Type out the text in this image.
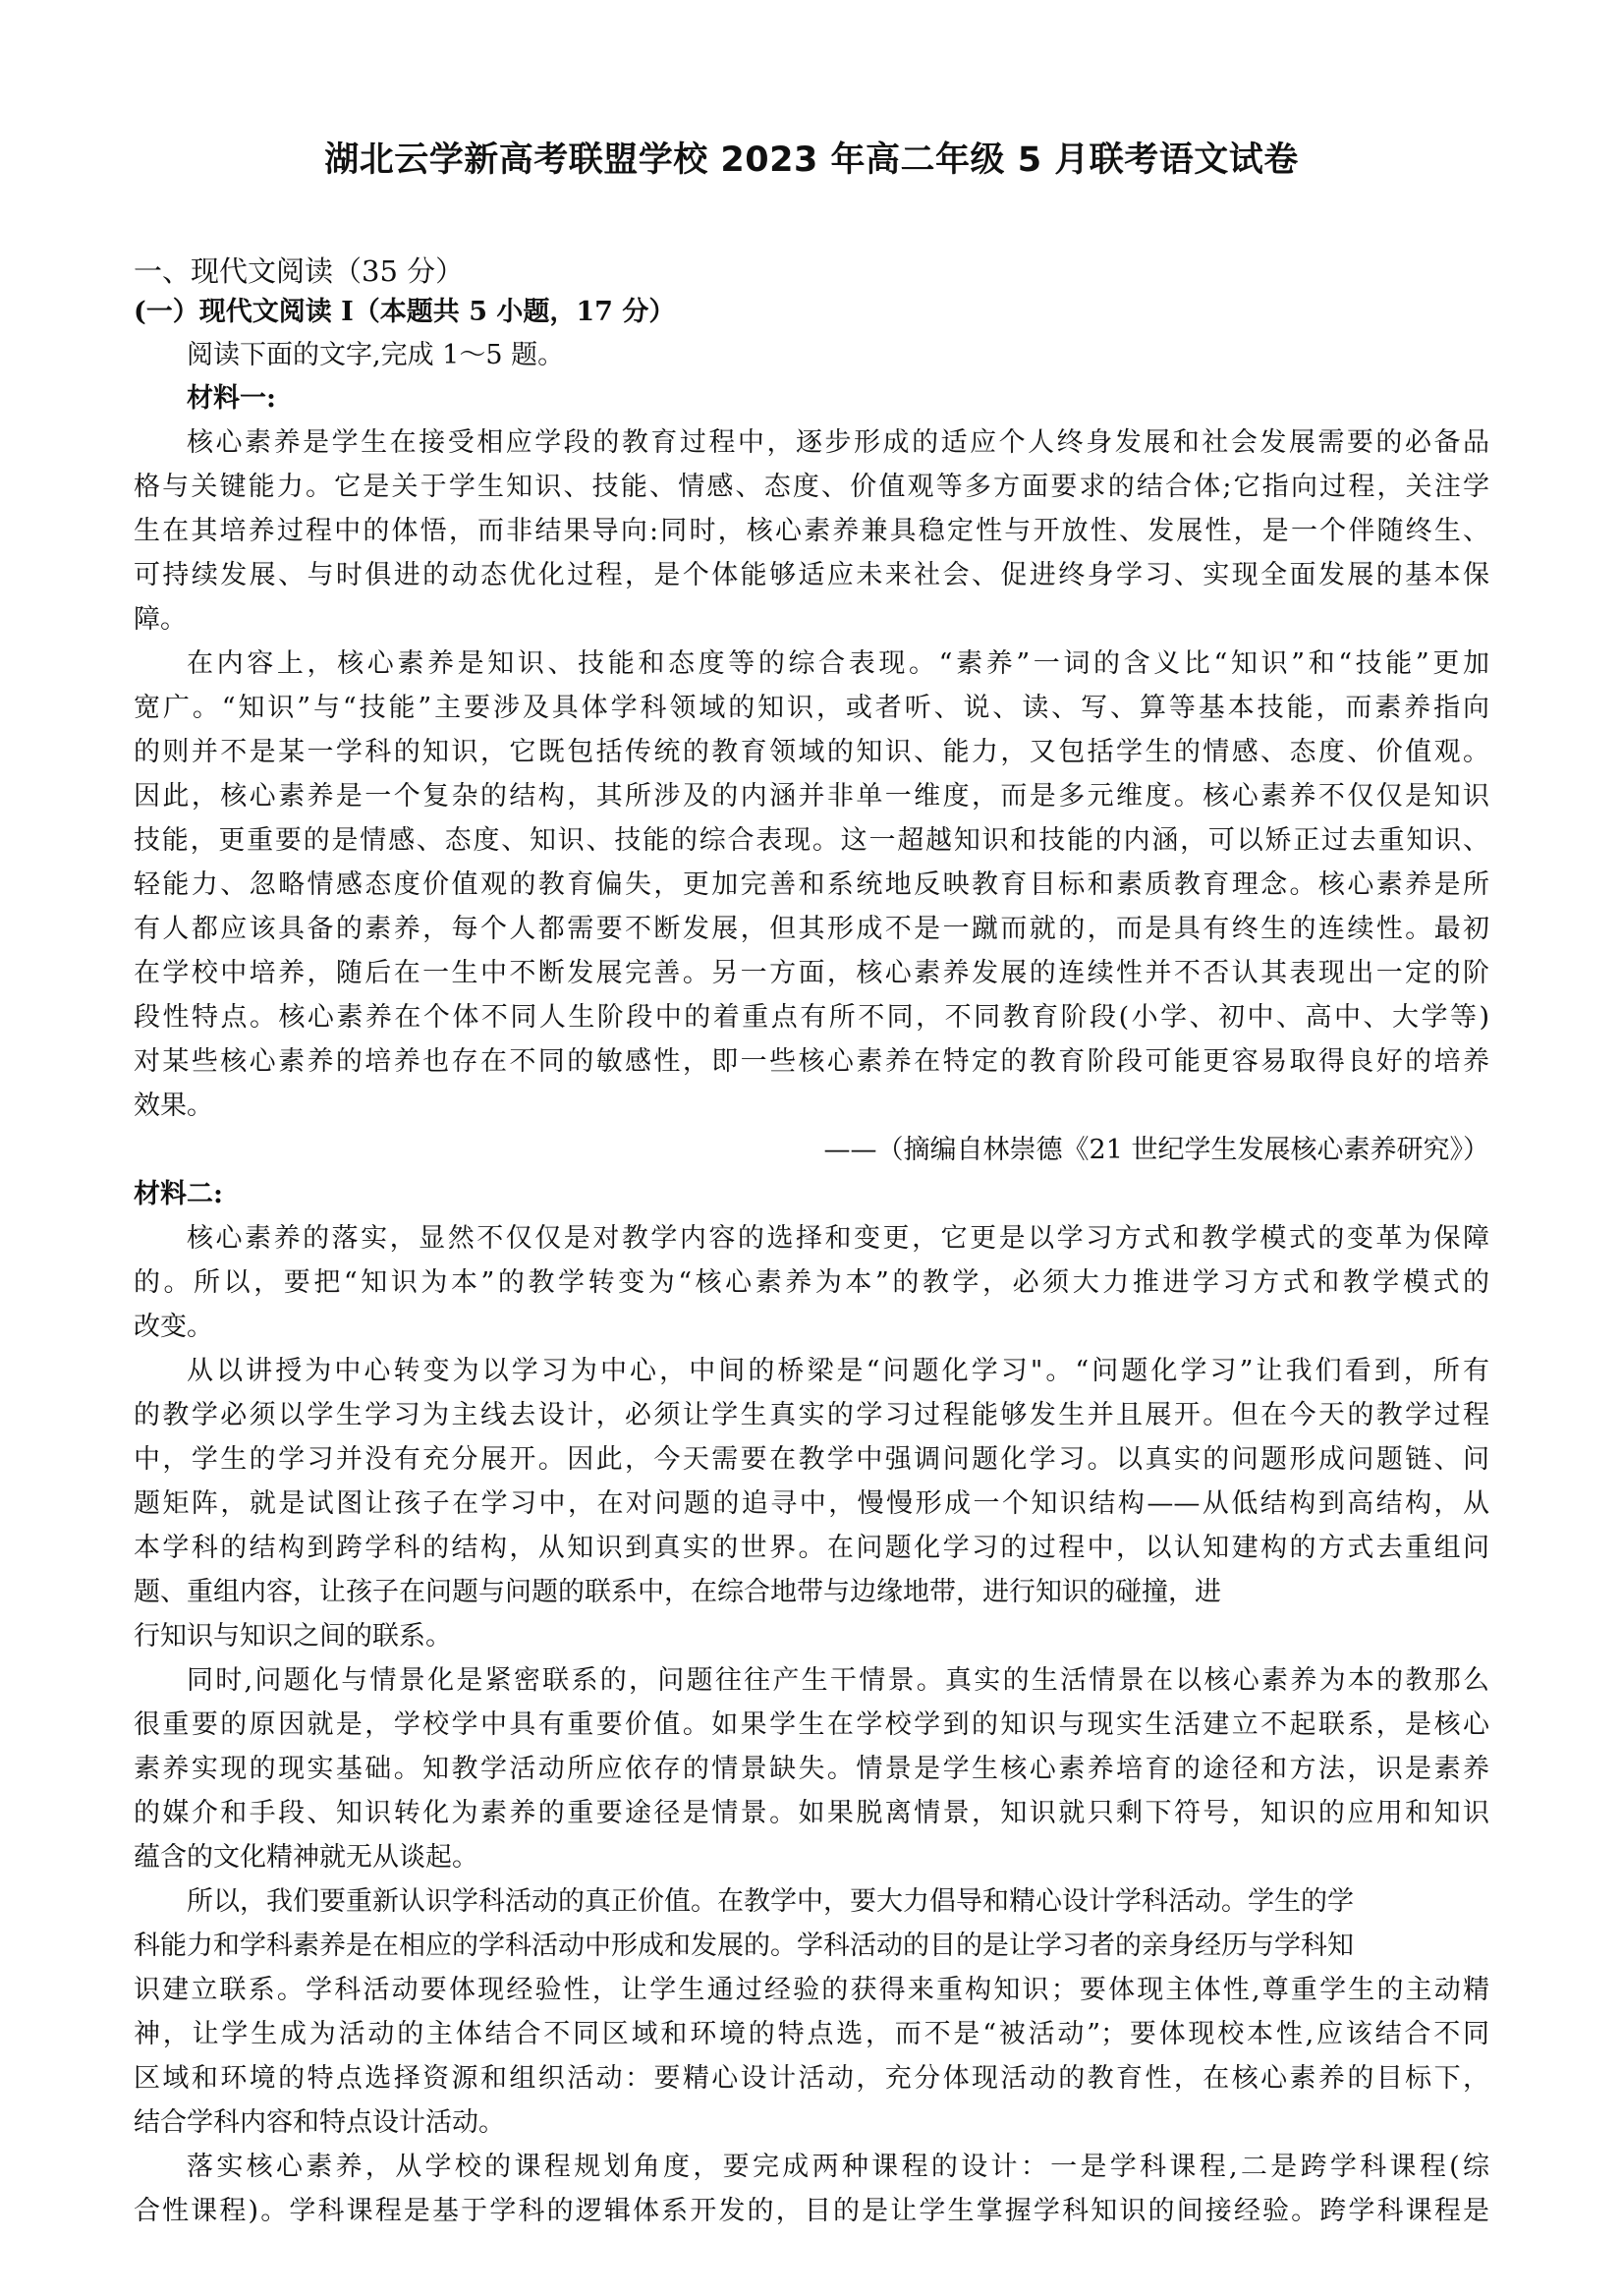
湖北云学新高考联盟学校 2023 年高二年级 5 月联考语文试卷
一、现代文阅读（35 分）
(一）现代文阅读 I（本题共 5 小题，17 分）
阅读下面的文字,完成 1～5 题。
材料一:
核心素养是学生在接受相应学段的教育过程中，逐步形成的适应个人终身发展和社会发展需要的必备品
格与关键能力。它是关于学生知识、技能、情感、态度、价值观等多方面要求的结合体;它指向过程，关注学
生在其培养过程中的体悟，而非结果导向:同时，核心素养兼具稳定性与开放性、发展性，是一个伴随终生、
可持续发展、与时俱进的动态优化过程，是个体能够适应未来社会、促进终身学习、实现全面发展的基本保
障。
在内容上，核心素养是知识、技能和态度等的综合表现。“素养”一词的含义比“知识”和“技能”更加
宽广。“知识”与“技能”主要涉及具体学科领域的知识，或者听、说、读、写、算等基本技能，而素养指向
的则并不是某一学科的知识，它既包括传统的教育领域的知识、能力，又包括学生的情感、态度、价值观。
因此，核心素养是一个复杂的结构，其所涉及的内涵并非单一维度，而是多元维度。核心素养不仅仅是知识
技能，更重要的是情感、态度、知识、技能的综合表现。这一超越知识和技能的内涵，可以矫正过去重知识、
轻能力、忽略情感态度价值观的教育偏失，更加完善和系统地反映教育目标和素质教育理念。核心素养是所
有人都应该具备的素养，每个人都需要不断发展，但其形成不是一蹴而就的，而是具有终生的连续性。最初
在学校中培养，随后在一生中不断发展完善。另一方面，核心素养发展的连续性并不否认其表现出一定的阶
段性特点。核心素养在个体不同人生阶段中的着重点有所不同，不同教育阶段(小学、初中、高中、大学等)
对某些核心素养的培养也存在不同的敏感性，即一些核心素养在特定的教育阶段可能更容易取得良好的培养
效果。
——（摘编自林崇德《21 世纪学生发展核心素养研究》）
材料二:
核心素养的落实，显然不仅仅是对教学内容的选择和变更，它更是以学习方式和教学模式的变革为保障
的。所以，要把“知识为本”的教学转变为“核心素养为本”的教学，必须大力推进学习方式和教学模式的
改变。
从以讲授为中心转变为以学习为中心，中间的桥梁是“问题化学习"。“问题化学习”让我们看到，所有
的教学必须以学生学习为主线去设计，必须让学生真实的学习过程能够发生并且展开。但在今天的教学过程
中，学生的学习并没有充分展开。因此，今天需要在教学中强调问题化学习。以真实的问题形成问题链、问
题矩阵，就是试图让孩子在学习中，在对问题的追寻中，慢慢形成一个知识结构——从低结构到高结构，从
本学科的结构到跨学科的结构，从知识到真实的世界。在问题化学习的过程中，以认知建构的方式去重组问
题、重组内容，让孩子在问题与问题的联系中，在综合地带与边缘地带，进行知识的碰撞，进
行知识与知识之间的联系。
同时,问题化与情景化是紧密联系的，问题往往产生干情景。真实的生活情景在以核心素养为本的教那么
很重要的原因就是，学校学中具有重要价值。如果学生在学校学到的知识与现实生活建立不起联系，是核心
素养实现的现实基础。知教学活动所应依存的情景缺失。情景是学生核心素养培育的途径和方法，识是素养
的媒介和手段、知识转化为素养的重要途径是情景。如果脱离情景，知识就只剩下符号，知识的应用和知识
蕴含的文化精神就无从谈起。
所以，我们要重新认识学科活动的真正价值。在教学中，要大力倡导和精心设计学科活动。学生的学
科能力和学科素养是在相应的学科活动中形成和发展的。学科活动的目的是让学习者的亲身经历与学科知
识建立联系。学科活动要体现经验性，让学生通过经验的获得来重构知识；要体现主体性,尊重学生的主动精
神，让学生成为活动的主体结合不同区域和环境的特点选，而不是“被活动”；要体现校本性,应该结合不同
区域和环境的特点选择资源和组织活动：要精心设计活动，充分体现活动的教育性，在核心素养的目标下，
结合学科内容和特点设计活动。
落实核心素养，从学校的课程规划角度，要完成两种课程的设计：一是学科课程,二是跨学科课程(综
合性课程)。学科课程是基于学科的逻辑体系开发的，目的是让学生掌握学科知识的间接经验。跨学科课程是
